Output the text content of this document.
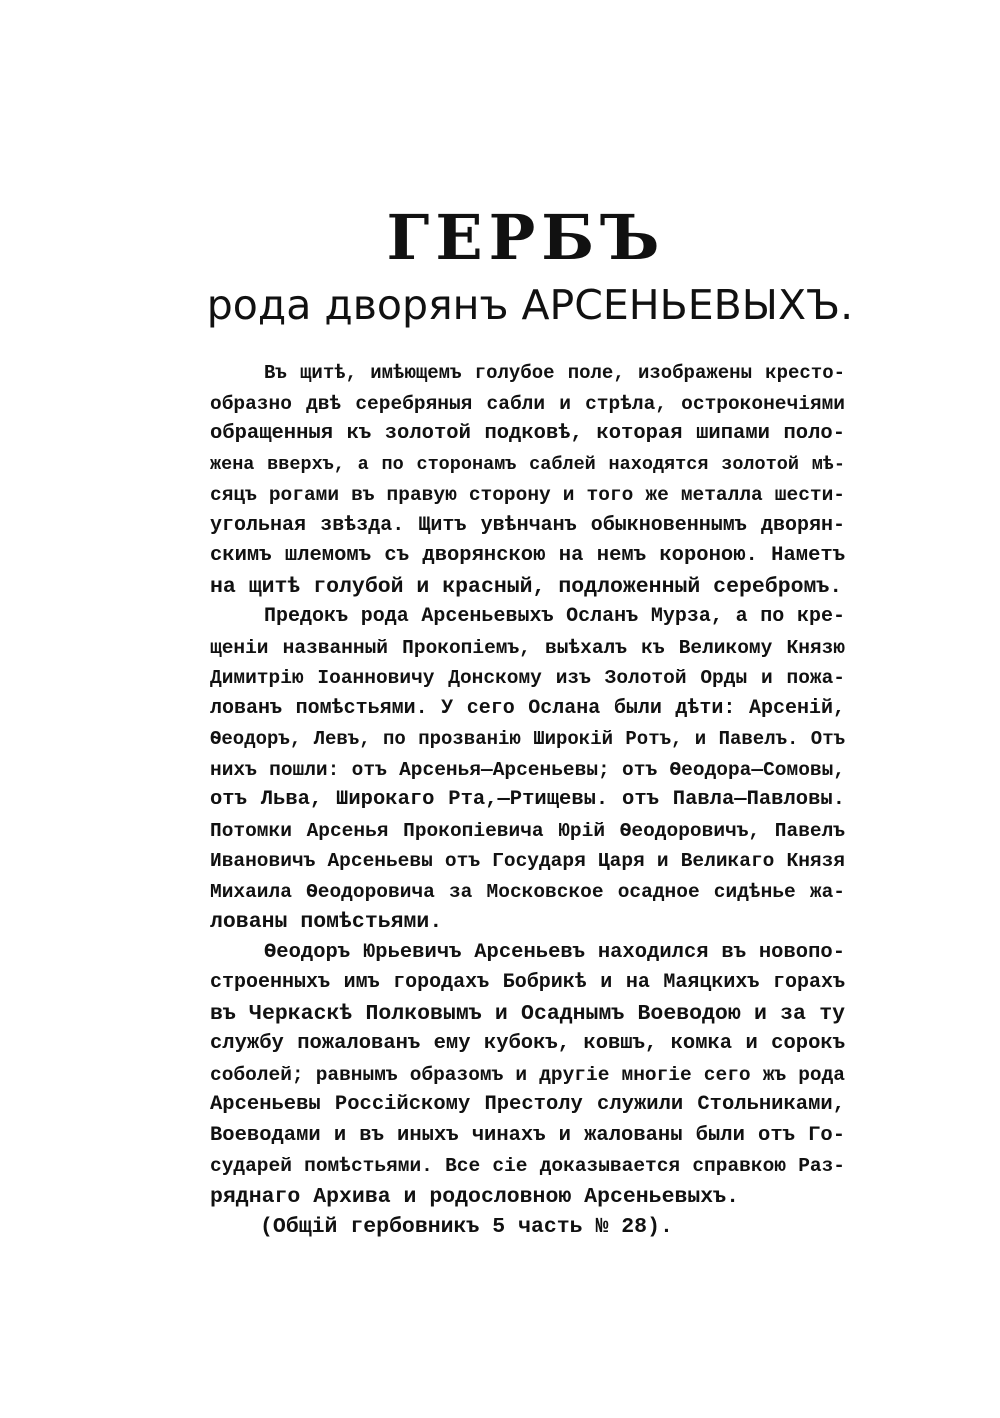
ГЕРБЪ
рода дворянъ АРСЕНЬЕВЫХЪ.
Въ щитѣ, имѣющемъ голубое поле, изображены кресто-
образно двѣ серебряныя сабли и стрѣла, остроконечіями
обращенныя къ золотой подковѣ, которая шипами поло-
жена вверхъ, а по сторонамъ саблей находятся золотой мѣ-
сяцъ рогами въ правую сторону и того же металла шести-
угольная звѣзда. Щитъ увѣнчанъ обыкновеннымъ дворян-
скимъ шлемомъ съ дворянскою на немъ короною. Наметъ
на щитѣ голубой и красный, подложенный серебромъ.
Предокъ рода Арсеньевыхъ Осланъ Мурза, а по кре-
щеніи названный Прокопіемъ, выѣхалъ къ Великому Князю
Димитрію Іоанновичу Донскому изъ Золотой Орды и пожа-
лованъ помѣстьями. У сего Ослана были дѣти: Арсеній,
Ѳеодоръ, Левъ, по прозванію Широкій Ротъ, и Павелъ. Отъ
нихъ пошли: отъ Арсенья—Арсеньевы; отъ Ѳеодора—Сомовы,
отъ Льва, Широкаго Рта,—Ртищевы. отъ Павла—Павловы.
Потомки Арсенья Прокопіевича Юрій Ѳеодоровичъ, Павелъ
Ивановичъ Арсеньевы отъ Государя Царя и Великаго Князя
Михаила Ѳеодоровича за Московское осадное сидѣнье жа-
лованы помѣстьями.
Ѳеодоръ Юрьевичъ Арсеньевъ находился въ новопо-
строенныхъ имъ городахъ Бобрикѣ и на Маяцкихъ горахъ
въ Черкаскѣ Полковымъ и Осаднымъ Воеводою и за ту
службу пожалованъ ему кубокъ, ковшъ, комка и сорокъ
соболей; равнымъ образомъ и другіе многіе сего жъ рода
Арсеньевы Россійскому Престолу служили Стольниками,
Воеводами и въ иныхъ чинахъ и жалованы были отъ Го-
сударей помѣстьями. Все сіе доказывается справкою Раз-
ряднаго Архива и родословною Арсеньевыхъ.
(Общій гербовникъ 5 часть № 28).
